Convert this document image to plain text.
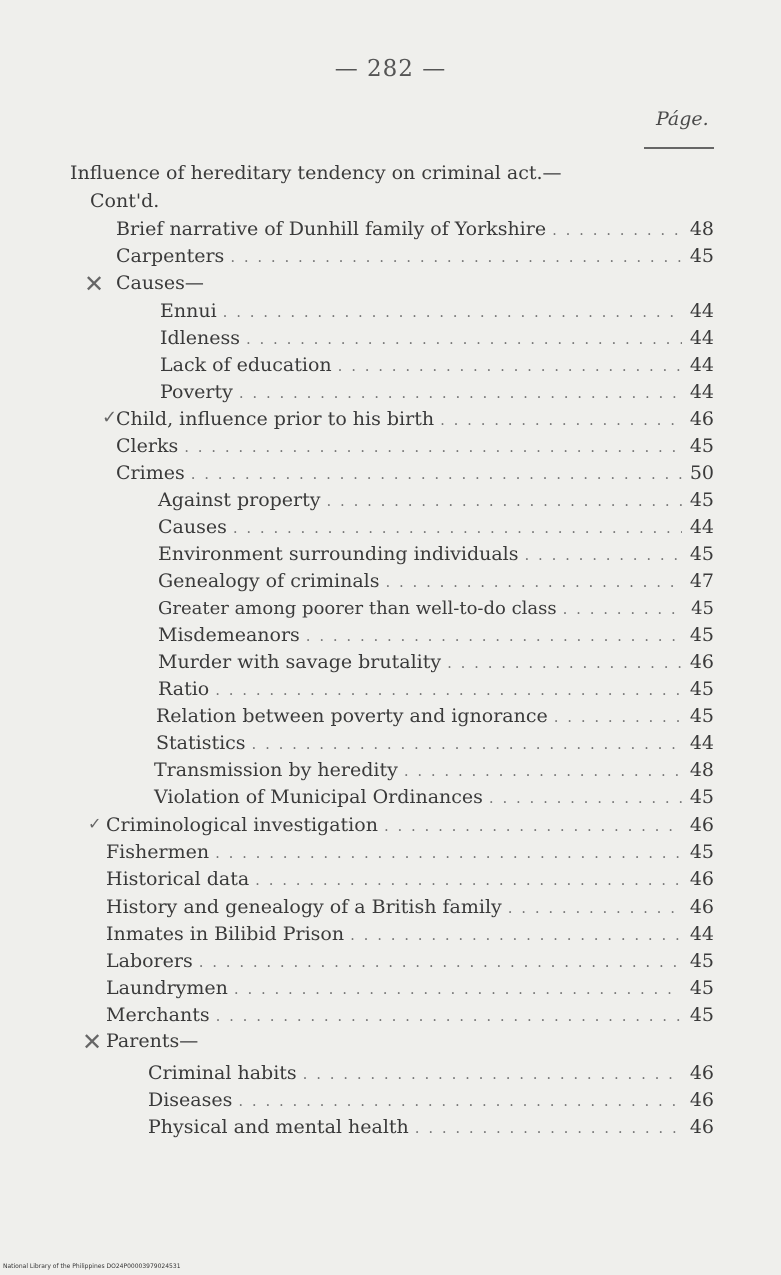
— 282 —
Páge.
Influence of hereditary tendency on criminal act.—
Cont'd.
Brief narrative of Dunhill family of Yorkshire . . .	48
Carpenters . . .	45
✕ Causes—
Ennui . . .	44
Idleness . . .	44
Lack of education . . .	44
Poverty . . .	44
✓
Child, influence prior to his birth . . .	46
Clerks . . .	45
Crimes . . .	50
Against property . . .	45
Causes . . .	44
Environment surrounding individuals . . .	45
Genealogy of criminals . . .	47
Greater among poorer than well-to-do class . . .	45
Misdemeanors . . .	45
Murder with savage brutality . . .	46
Ratio . . .	45
Relation between poverty and ignorance . . .	45
Statistics . . .	44
Transmission by heredity . . .	48
Violation of Municipal Ordinances . . .	45
✓ Criminological investigation . . .	46
Fishermen . . .	45
Historical data . . .	46
History and genealogy of a British family . . .	46
Inmates in Bilibid Prison . . .	44
Laborers . . .	45
Laundrymen . . .	45
Merchants . . .	45
✕ Parents—
Criminal habits . . .	46
Diseases . . .	46
Physical and mental health . . .	46
National Library of the Philippines DO24P00003979024531
